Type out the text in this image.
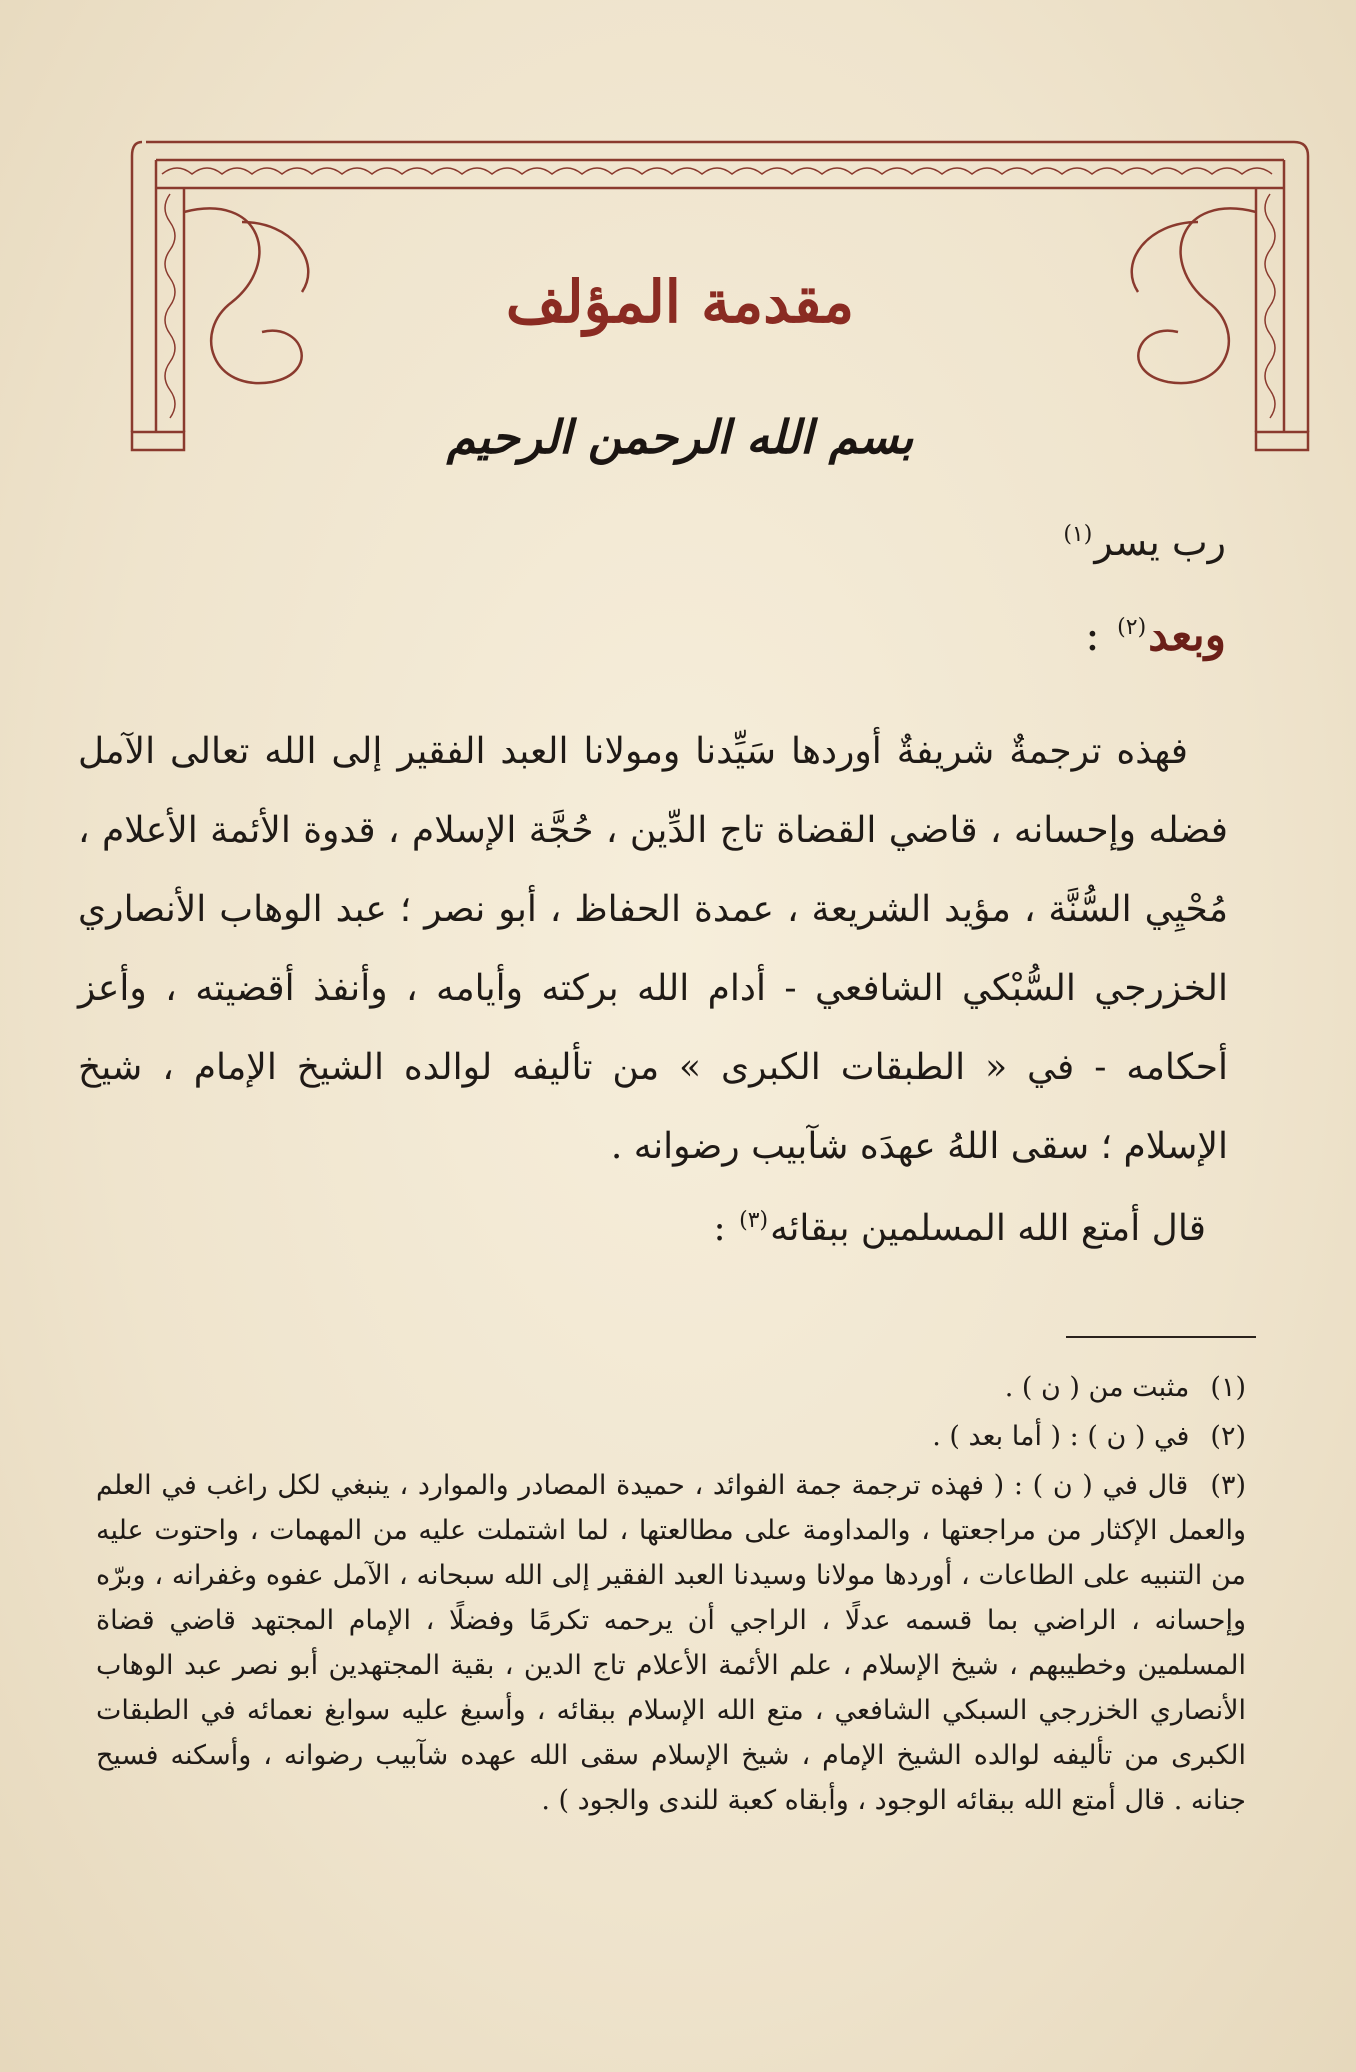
مقدمة المؤلف
بسم الله الرحمن الرحيم
رب يسر$^{(١)}$
وبعد$^{(٢)}$ :

فهذه ترجمةٌ شريفةٌ أوردها سَيِّدنا ومولانا العبد الفقير إلى الله تعالى الآمل فضله وإحسانه ، قاضي القضاة تاج الدِّين ، حُجَّة الإسلام ، قدوة الأئمة الأعلام ، مُحْيِي السُّنَّة ، مؤيد الشريعة ، عمدة الحفاظ ، أبو نصر ؛ عبد الوهاب الأنصاري الخزرجي السُّبْكي الشافعي - أدام الله بركته وأيامه ، وأنفذ أقضيته ، وأعز أحكامه - في « الطبقات الكبرى » من تأليفه لوالده الشيخ الإمام ، شيخ الإسلام ؛ سقى اللهُ عهدَه شآبيب رضوانه .

قال أمتع الله المسلمين ببقائه$^{(٣)}$ :
(١) مثبت من ( ن ) .
(٢) في ( ن ) : ( أما بعد ) .
(٣) قال في ( ن ) : ( فهذه ترجمة جمة الفوائد ، حميدة المصادر والموارد ، ينبغي لكل راغب في العلم والعمل الإكثار من مراجعتها ، والمداومة على مطالعتها ، لما اشتملت عليه من المهمات ، واحتوت عليه من التنبيه على الطاعات ، أوردها مولانا وسيدنا العبد الفقير إلى الله سبحانه ، الآمل عفوه وغفرانه ، وبرّه وإحسانه ، الراضي بما قسمه عدلًا ، الراجي أن يرحمه تكرمًا وفضلًا ، الإمام المجتهد قاضي قضاة المسلمين وخطيبهم ، شيخ الإسلام ، علم الأئمة الأعلام تاج الدين ، بقية المجتهدين أبو نصر عبد الوهاب الأنصاري الخزرجي السبكي الشافعي ، متع الله الإسلام ببقائه ، وأسبغ عليه سوابغ نعمائه في الطبقات الكبرى من تأليفه لوالده الشيخ الإمام ، شيخ الإسلام سقى الله عهده شآبيب رضوانه ، وأسكنه فسيح جنانه . قال أمتع الله ببقائه الوجود ، وأبقاه كعبة للندى والجود ) .
